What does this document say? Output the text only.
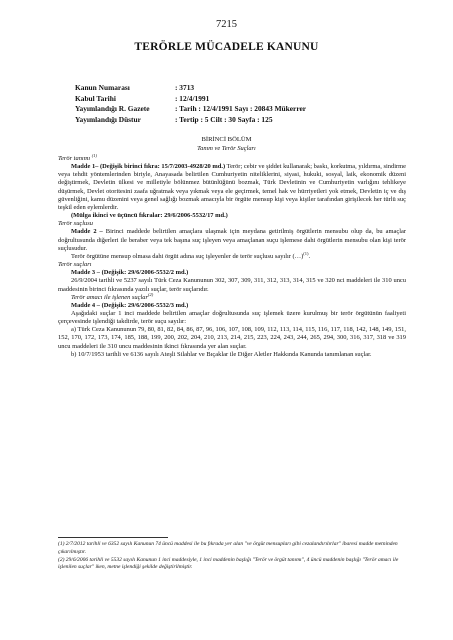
7215
TERÖRLE MÜCADELE KANUNU
Kanun Numarası	: 3713
Kabul Tarihi	: 12/4/1991
Yayımlandığı R. Gazete	: Tarih : 12/4/1991 Sayı : 20843 Mükerrer
Yayımlandığı Düstur	: Tertip : 5 Cilt : 30 Sayfa : 125
BİRİNCİ BÖLÜM
Tanım ve Terör Suçları

Terör tanımı $^{(1)}$

Madde 1– (Değişik birinci fıkra: 15/7/2003-4928/20 md.) Terör; cebir ve şiddet kullanarak; baskı, korkutma, yıldırma, sindirme veya tehdit yöntemlerinden biriyle, Anayasada belirtilen Cumhuriyetin niteliklerini, siyasi, hukuki, sosyal, laik, ekonomik düzeni değiştirmek, Devletin ülkesi ve milletiyle bölünmez bütünlüğünü bozmak, Türk Devletinin ve Cumhuriyetin varlığını tehlikeye düşürmek, Devlet otoritesini zaafa uğratmak veya yıkmak veya ele geçirmek, temel hak ve hürriyetleri yok etmek, Devletin iç ve dış güvenliğini, kamu düzenini veya genel sağlığı bozmak amacıyla bir örgüte mensup kişi veya kişiler tarafından girişilecek her türlü suç teşkil eden eylemlerdir.

(Mülga ikinci ve üçüncü fıkralar: 29/6/2006-5532/17 md.)

Terör suçlusu

Madde 2 – Birinci maddede belirtilen amaçlara ulaşmak için meydana getirilmiş örgütlerin mensubu olup da, bu amaçlar doğrultusunda diğerleri ile beraber veya tek başına suç işleyen veya amaçlanan suçu işlemese dahi örgütlerin mensubu olan kişi terör suçlusudur.

Terör örgütüne mensup olmasa dahi örgüt adına suç işleyenler de terör suçlusu sayılır (…)$^{(1)}$.

Terör suçları

Madde 3 – (Değişik: 29/6/2006-5532/2 md.)

26/9/2004 tarihli ve 5237 sayılı Türk Ceza Kanununun 302, 307, 309, 311, 312, 313, 314, 315 ve 320 nci maddeleri ile 310 uncu maddesinin birinci fıkrasında yazılı suçlar, terör suçlarıdır.

Terör amacı ile işlenen suçlar$^{(2)}$

Madde 4 – (Değişik: 29/6/2006-5532/3 md.)

Aşağıdaki suçlar 1 inci maddede belirtilen amaçlar doğrultusunda suç işlemek üzere kurulmuş bir terör örgütünün faaliyeti çerçevesinde işlendiği takdirde, terör suçu sayılır:

a) Türk Ceza Kanununun 79, 80, 81, 82, 84, 86, 87, 96, 106, 107, 108, 109, 112, 113, 114, 115, 116, 117, 118, 142, 148, 149, 151, 152, 170, 172, 173, 174, 185, 188, 199, 200, 202, 204, 210, 213, 214, 215, 223, 224, 243, 244, 265, 294, 300, 316, 317, 318 ve 319 uncu maddeleri ile 310 uncu maddesinin ikinci fıkrasında yer alan suçlar.

b) 10/7/1953 tarihli ve 6136 sayılı Ateşli Silahlar ve Bıçaklar ile Diğer Aletler Hakkında Kanunda tanımlanan suçlar.

(1) 2/7/2012 tarihli ve 6352 sayılı Kanunun 74 üncü maddesi ile bu fıkrada yer alan "ve örgüt mensupları gibi cezalandırılırlar" ibaresi madde metninden çıkarılmıştır.

(2) 29/6/2006 tarihli ve 5532 sayılı Kanunun 1 inci maddesiyle, 1 inci maddenin başlığı "Terör ve örgüt tanımı", 4 üncü maddenin başlığı "Terör amacı ile işlenilen suçlar" iken, metne işlendiği şekilde değiştirilmiştir.
